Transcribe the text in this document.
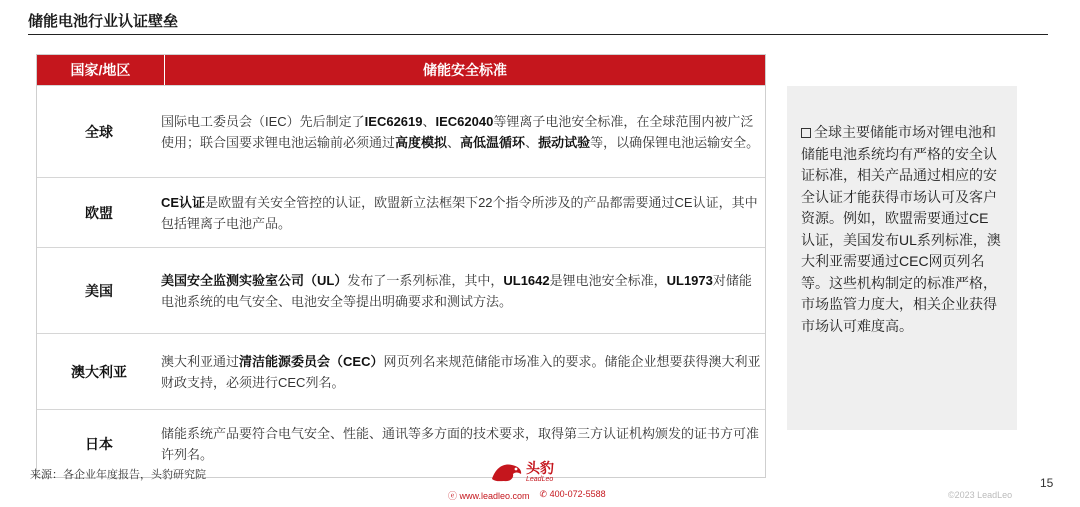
储能电池行业认证壁垒
国家/地区	储能安全标准
全球

国际电工委员会（IEC）先后制定了IEC62619、IEC62040等锂离子电池安全标准，在全球范围内被广泛使用；联合国要求锂电池运输前必须通过高度模拟、高低温循环、振动试验等，以确保锂电池运输安全。

欧盟

CE认证是欧盟有关安全管控的认证，欧盟新立法框架下22个指令所涉及的产品都需要通过CE认证，其中包括锂离子电池产品。

美国

美国安全监测实验室公司（UL）发布了一系列标准，其中，UL1642是锂电池安全标准，UL1973对储能电池系统的电气安全、电池安全等提出明确要求和测试方法。

澳大利亚

澳大利亚通过清洁能源委员会（CEC）网页列名来规范储能市场准入的要求。储能企业想要获得澳大利亚财政支持，必须进行CEC列名。

日本

储能系统产品要符合电气安全、性能、通讯等多方面的技术要求，取得第三方认证机构颁发的证书方可准许列名。

全球主要储能市场对锂电池和储能电池系统均有严格的安全认证标准，相关产品通过相应的安全认证才能获得市场认可及客户资源。例如，欧盟需要通过CE认证，美国发布UL系列标准，澳大利亚需要通过CEC网页列名等。这些机构制定的标准严格，市场监管力度大，相关企业获得市场认可难度高。
来源：各企业年度报告，头豹研究院	头豹
LeadLeo
ⓔ www.leadleo.com ✆ 400-072-5588
15
©2023 LeadLeo
